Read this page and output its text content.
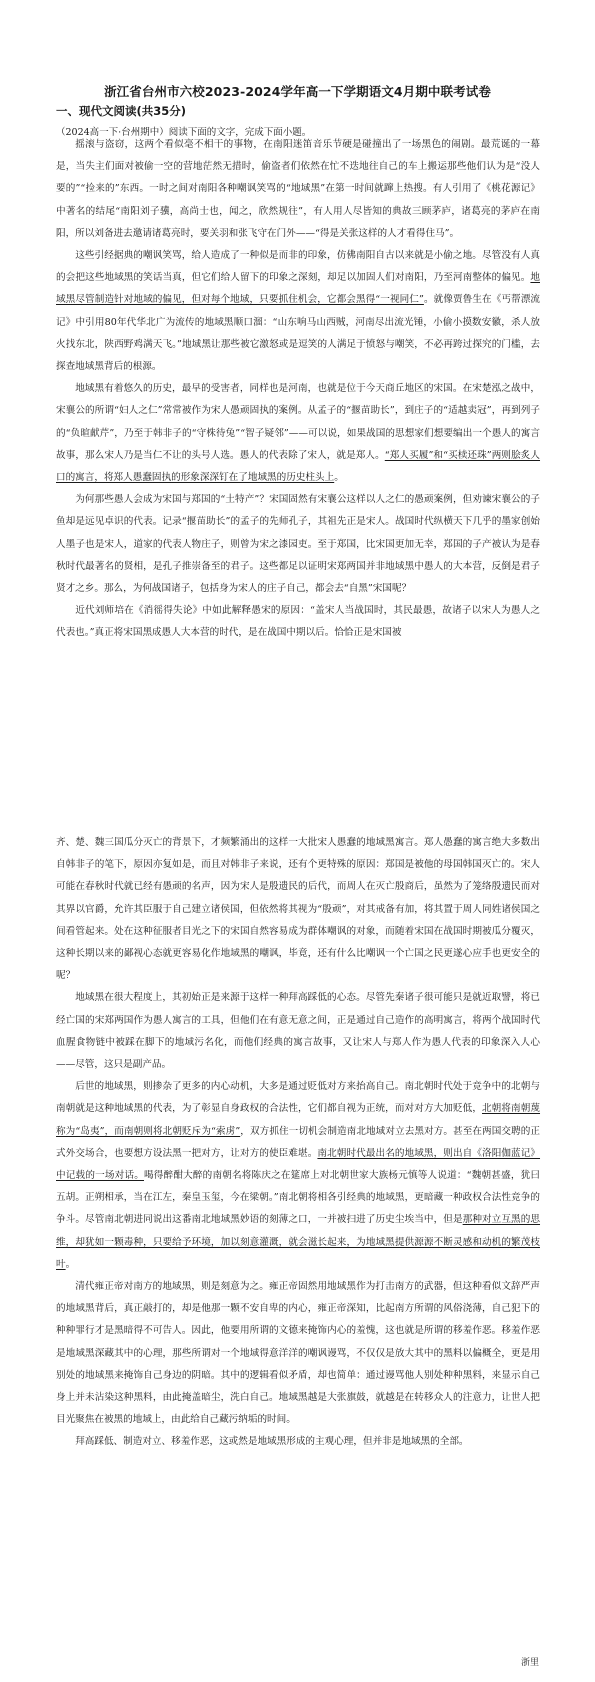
浙江省台州市六校2023-2024学年高一下学期语文4月期中联考试卷
一、现代文阅读(共35分)
（2024高一下·台州期中）阅读下面的文字，完成下面小题。

摇滚与盗窃，这两个看似毫不相干的事物，在南阳迷笛音乐节硬是碰撞出了一场黑色的闹剧。最荒诞的一幕是，当失主们面对被偷一空的营地茫然无措时，偷盗者们依然在忙不迭地往自己的车上搬运那些他们认为是“没人要的”“捡来的”东西。一时之间对南阳各种嘲讽笑骂的“地域黑”在第一时间就蹿上热搜。有人引用了《桃花源记》中著名的结尾“南阳刘子骥，高尚士也，闻之，欣然规往”，有人用人尽皆知的典故三顾茅庐，诸葛亮的茅庐在南阳，所以刘备进去邀请诸葛亮时，要关羽和张飞守在门外——“得是关张这样的人才看得住马”。

这些引经据典的嘲讽笑骂，给人造成了一种似是而非的印象，仿佛南阳自古以来就是小偷之地。尽管没有人真的会把这些地域黑的笑话当真，但它们给人留下的印象之深刻，却足以加固人们对南阳，乃至河南整体的偏见。地域黑尽管制造针对地域的偏见，但对每个地域，只要抓住机会，它都会黑得“一视同仁”。就像贾鲁生在《丐帮漂流记》中引用80年代华北广为流传的地域黑顺口溜：“山东响马山西贼，河南尽出流光锤，小偷小摸数安徽，杀人放火找东北，陕西野鸡满天飞。”地域黑让那些被它激怒或是逗笑的人满足于愤怒与嘲笑，不必再跨过探究的门槛，去探查地域黑背后的根源。

地域黑有着悠久的历史，最早的受害者，同样也是河南，也就是位于今天商丘地区的宋国。在宋楚泓之战中，宋襄公的所谓“妇人之仁”常常被作为宋人愚顽固执的案例。从孟子的“揠苗助长”，到庄子的“适越卖冠”，再到列子的“负暄献芹”，乃至于韩非子的“守株待兔”“智子疑邻”——可以说，如果战国的思想家们想要编出一个愚人的寓言故事，那么宋人乃是当仁不让的头号人选。愚人的代表除了宋人，就是郑人。“郑人买履”和“买椟还珠”两则脍炙人口的寓言，将郑人愚蠢固执的形象深深钉在了地域黑的历史柱头上。

为何那些愚人会成为宋国与郑国的“土特产”？宋国固然有宋襄公这样以人之仁的愚顽案例，但劝谏宋襄公的子鱼却是远见卓识的代表。记录“揠苗助长”的孟子的先师孔子，其祖先正是宋人。战国时代纵横天下几乎的墨家创始人墨子也是宋人，道家的代表人物庄子，则曾为宋之漆园吏。至于郑国，比宋国更加无幸，郑国的子产被认为是春秋时代最著名的贤相，是孔子推崇备至的君子。这些都足以证明宋郑两国并非地域黑中愚人的大本营，反倒是君子贤才之乡。那么，为何战国诸子，包括身为宋人的庄子自己，都会去“自黑”宋国呢？

近代刘师培在《消徭得失论》中如此解释愚宋的原因：“盖宋人当战国时，其民最愚，故诸子以宋人为愚人之代表也。”真正将宋国黑成愚人大本营的时代，是在战国中期以后。恰恰正是宋国被

齐、楚、魏三国瓜分灭亡的背景下，才频繁涌出的这样一大批宋人愚蠢的地域黑寓言。郑人愚蠢的寓言绝大多数出自韩非子的笔下，原因亦复如是，而且对韩非子来说，还有个更特殊的原因：郑国是被他的母国韩国灭亡的。宋人可能在春秋时代就已经有愚顽的名声，因为宋人是殷遗民的后代，而周人在灭亡殷商后，虽然为了笼络殷遗民而对其界以官爵，允许其臣服于自己建立诸侯国，但依然将其视为“殷顽”，对其戒备有加，将其置于周人同姓诸侯国之间看管起来。处在这种征服者目光之下的宋国自然容易成为群体嘲讽的对象，而随着宋国在战国时期被瓜分覆灭，这种长期以来的鄙视心态就更容易化作地域黑的嘲讽，毕竟，还有什么比嘲讽一个亡国之民更遂心应手也更安全的呢？

地域黑在很大程度上，其初始正是来源于这样一种拜高踩低的心态。尽管先秦诸子很可能只是就近取譬，将已经亡国的宋郑两国作为愚人寓言的工具，但他们在有意无意之间，正是通过自己造作的高明寓言，将两个战国时代血腥食物链中被踩在脚下的地域污名化，而他们经典的寓言故事，又让宋人与郑人作为愚人代表的印象深入人心——尽管，这只是副产品。

后世的地域黑，则掺杂了更多的内心动机，大多是通过贬低对方来抬高自己。南北朝时代处于竞争中的北朝与南朝就是这种地域黑的代表，为了彰显自身政权的合法性，它们都自视为正统，而对对方大加贬低，北朝将南朝蔑称为“岛夷”，而南朝则将北朝贬斥为“索虏”，双方抓住一切机会制造南北地域对立去黑对方。甚至在两国交聘的正式外交场合，也要想方设法黑一把对方，让对方的使臣难堪。南北朝时代最出名的地域黑，则出自《洛阳伽蓝记》中记载的一场对话。喝得醉酣大醉的南朝名将陈庆之在筵席上对北朝世家大族杨元慎等人说道：“魏朝甚盛，犹曰五胡。正朔相承，当在江左，秦皇玉玺，今在梁朝。”南北朝将相各引经典的地域黑，更暗藏一种政权合法性竞争的争斗。尽管南北朝进同说出这番南北地域黑妙语的刻薄之口，一并被扫进了历史尘埃当中，但是那种对立互黑的思维，却犹如一颗毒种，只要给予环境，加以刻意灌溉，就会滋长起来，为地域黑提供源源不断灵感和动机的繁茂枝叶。

清代雍正帝对南方的地域黑，则是刻意为之。雍正帝固然用地域黑作为打击南方的武器，但这种看似文辞严声的地域黑背后，真正敲打的，却是他那一颗不安自卑的内心，雍正帝深知，比起南方所谓的风俗浇薄，自己犯下的种种罪行才是黑暗得不可告人。因此，他要用所谓的文德来掩饰内心的羞愧，这也就是所谓的移羞作恶。移羞作恶是地域黑深藏其中的心理，那些所谓对一个地域得意洋洋的嘲讽谩骂，不仅仅是放大其中的黑料以偏概全，更是用别处的地域黑来掩饰自己身边的阴暗。其中的逻辑看似矛盾，却也简单：通过谩骂他人别处种种黑料，来显示自己身上并未沾染这种黑料，由此掩盖暗尘，洗白自己。地域黑越是大张旗鼓，就越是在转移众人的注意力，让世人把目光聚焦在被黑的地域上，由此给自己藏污纳垢的时间。

拜高踩低、制造对立、移羞作恶，这或然是地域黑形成的主观心理，但并非是地域黑的全部。

浙里
